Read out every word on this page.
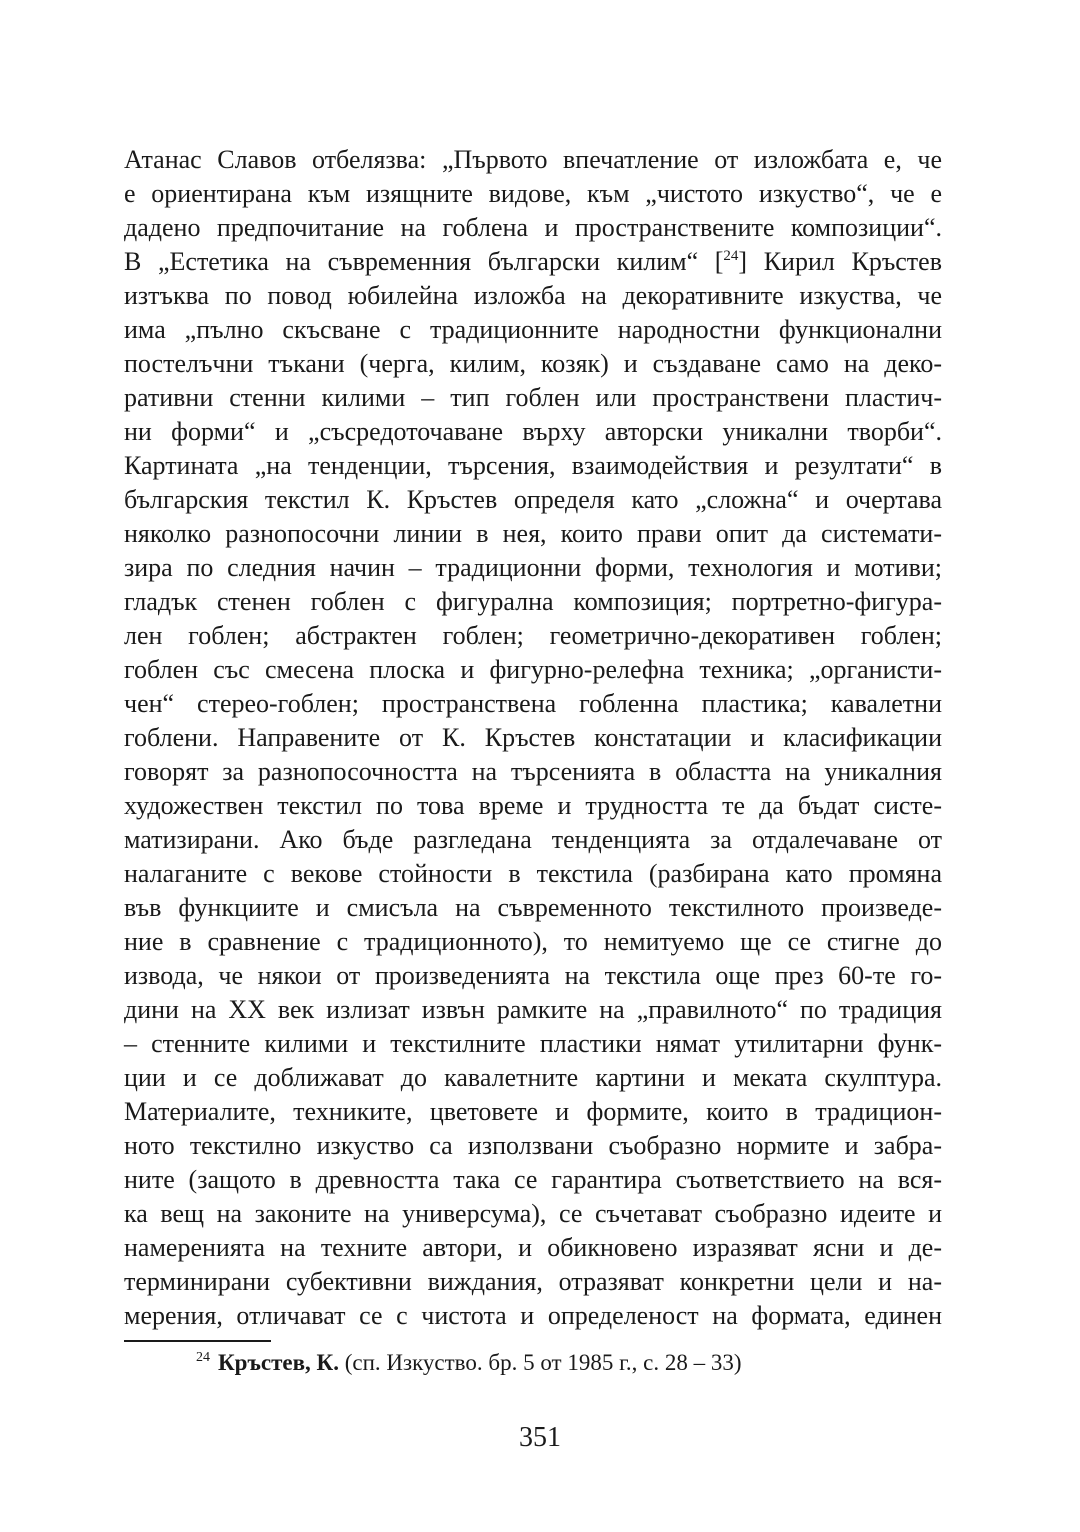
Атанас Славов отбелязва: „Първото впечатление от изложбата е, че
е ориентирана към изящните видове, към „чистото изкуство“, че е
дадено предпочитание на гоблена и пространствените композиции“.
В „Естетика на съвременния български килим“ [$^{24}$] Кирил Кръстев
изтъква по повод юбилейна изложба на декоративните изкуства, че
има „пълно скъсване с традиционните народностни функционални
постелъчни тъкани (черга, килим, козяк) и създаване само на деко-
ративни стенни килими – тип гоблен или пространствени пластич-
ни форми“ и „съсредоточаване върху авторски уникални творби“.
Картината „на тенденции, търсения, взаимодействия и резултати“ в
българския текстил К. Кръстев определя като „сложна“ и очертава
няколко разнопосочни линии в нея, които прави опит да системати-
зира по следния начин – традиционни форми, технология и мотиви;
гладък стенен гоблен с фигурална композиция; портретно-фигура-
лен гоблен; абстрактен гоблен; геометрично-декоративен гоблен;
гоблен със смесена плоска и фигурно-релефна техника; „органисти-
чен“ стерео-гоблен; пространствена гобленна пластика; кавалетни
гоблени. Направените от К. Кръстев констатации и класификации
говорят за разнопосочността на търсенията в областта на уникалния
художествен текстил по това време и трудността те да бъдат систе-
матизирани. Ако бъде разгледана тенденцията за отдалечаване от
налаганите с векове стойности в текстила (разбирана като промяна
във функциите и смисъла на съвременното текстилното произведе-
ние в сравнение с традиционното), то немитуемо ще се стигне до
извода, че някои от произведенията на текстила още през 60-те го-
дини на XX век излизат извън рамките на „правилното“ по традиция
– стенните килими и текстилните пластики нямат утилитарни функ-
ции и се доближават до кавалетните картини и меката скулптура.
Материалите, техниките, цветовете и формите, които в традицион-
ното текстилно изкуство са използвани съобразно нормите и забра-
ните (защото в древността така се гарантира съответствието на вся-
ка вещ на законите на универсума), се съчетават съобразно идеите и
намеренията на техните автори, и обикновено изразяват ясни и де-
терминирани субективни виждания, отразяват конкретни цели и на-
мерения, отличават се с чистота и определеност на формата, единен
$^{24}$ Кръстев, К. (сп. Изкуство. бр. 5 от 1985 г., с. 28 – 33)
351
